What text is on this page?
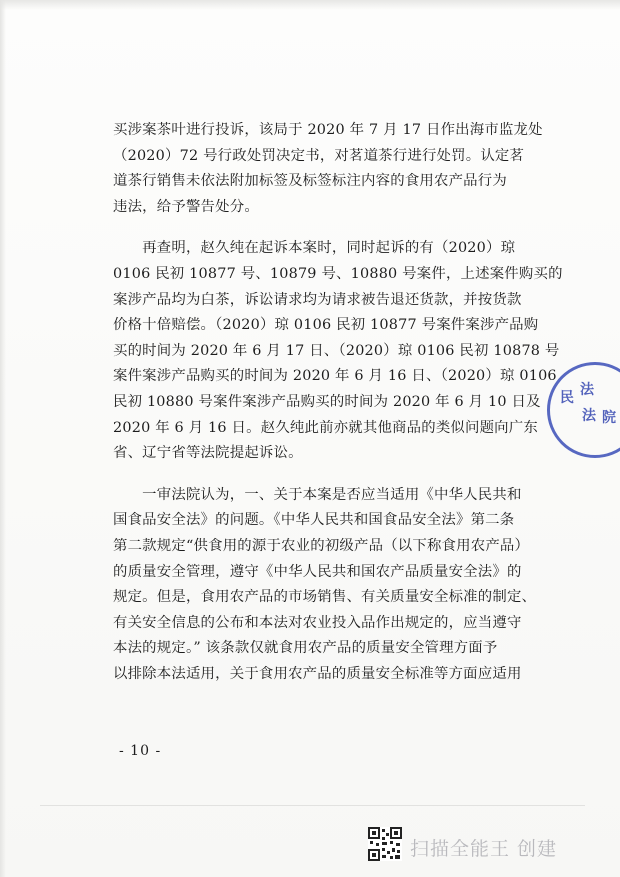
买涉案茶叶进行投诉，该局于 2020 年 7 月 17 日作出海市监龙处
（2020）72 号行政处罚决定书，对茗道茶行进行处罚。认定茗
道茶行销售未依法附加标签及标签标注内容的食用农产品行为
违法，给予警告处分。
　　再查明，赵久纯在起诉本案时，同时起诉的有（2020）琼
0106 民初 10877 号、10879 号、10880 号案件，上述案件购买的
案涉产品均为白茶，诉讼请求均为请求被告退还货款，并按货款
价格十倍赔偿。（2020）琼 0106 民初 10877 号案件案涉产品购
买的时间为 2020 年 6 月 17 日、（2020）琼 0106 民初 10878 号
案件案涉产品购买的时间为 2020 年 6 月 16 日、（2020）琼 0106
民初 10880 号案件案涉产品购买的时间为 2020 年 6 月 10 日及
2020 年 6 月 16 日。赵久纯此前亦就其他商品的类似问题向广东
省、辽宁省等法院提起诉讼。
　　一审法院认为，一、关于本案是否应当适用《中华人民共和
国食品安全法》的问题。《中华人民共和国食品安全法》第二条
第二款规定“供食用的源于农业的初级产品（以下称食用农产品）
的质量安全管理，遵守《中华人民共和国农产品质量安全法》的
规定。但是，食用农产品的市场销售、有关质量安全标准的制定、
有关安全信息的公布和本法对农业投入品作出规定的，应当遵守
本法的规定。” 该条款仅就食用农产品的质量安全管理方面予
以排除本法适用，关于食用农产品的质量安全标准等方面应适用
- 10 -
民 法
法 院
扫描全能王 创建
